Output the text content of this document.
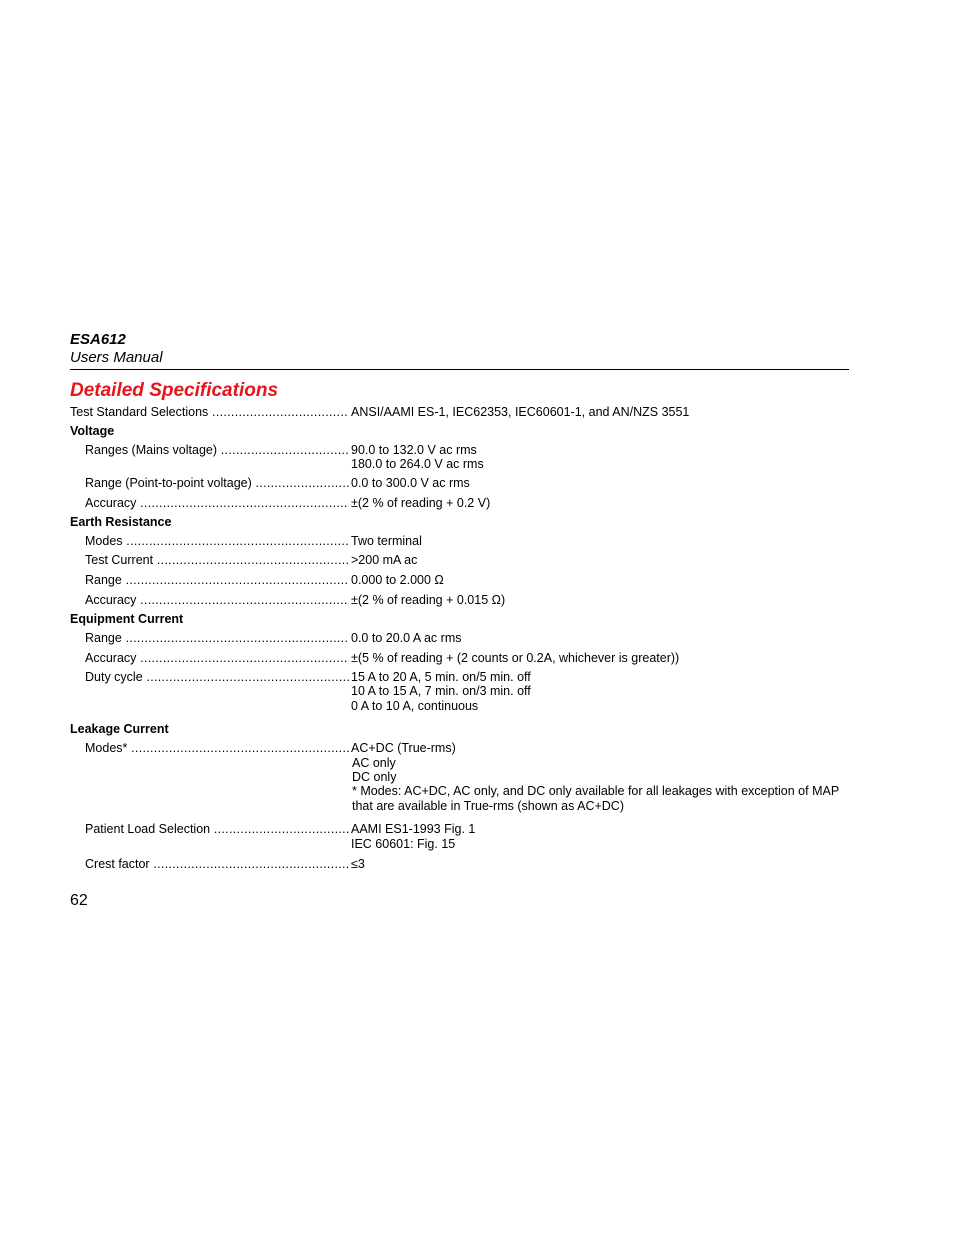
ESA612
Users Manual
Detailed Specifications
Test Standard Selections .....	ANSI/AAMI ES-1, IEC62353, IEC60601-1, and AN/NZS 3551
Voltage
Ranges (Mains voltage) .....	90.0 to 132.0 V ac rms
180.0 to 264.0 V ac rms
Range (Point-to-point voltage) .....	0.0 to 300.0 V ac rms
Accuracy .....	±(2 % of reading + 0.2 V)
Earth Resistance
Modes .....	Two terminal
Test Current .....	>200 mA ac
Range .....	0.000 to 2.000 Ω
Accuracy .....	±(2 % of reading + 0.015 Ω)
Equipment Current
Range .....	0.0 to 20.0 A ac rms
Accuracy .....	±(5 % of reading + (2 counts or 0.2A, whichever is greater))
Duty cycle .....	15 A to 20 A, 5 min. on/5 min. off
10 A to 15 A, 7 min. on/3 min. off
0 A to 10 A, continuous
Leakage Current
Modes* .....	AC+DC (True-rms)
AC only
DC only
* Modes: AC+DC, AC only, and DC only available for all leakages with exception of MAP
that are available in True-rms (shown as AC+DC)
Patient Load Selection .....	AAMI ES1-1993 Fig. 1
IEC 60601: Fig. 15
Crest factor .....	≤3
62
